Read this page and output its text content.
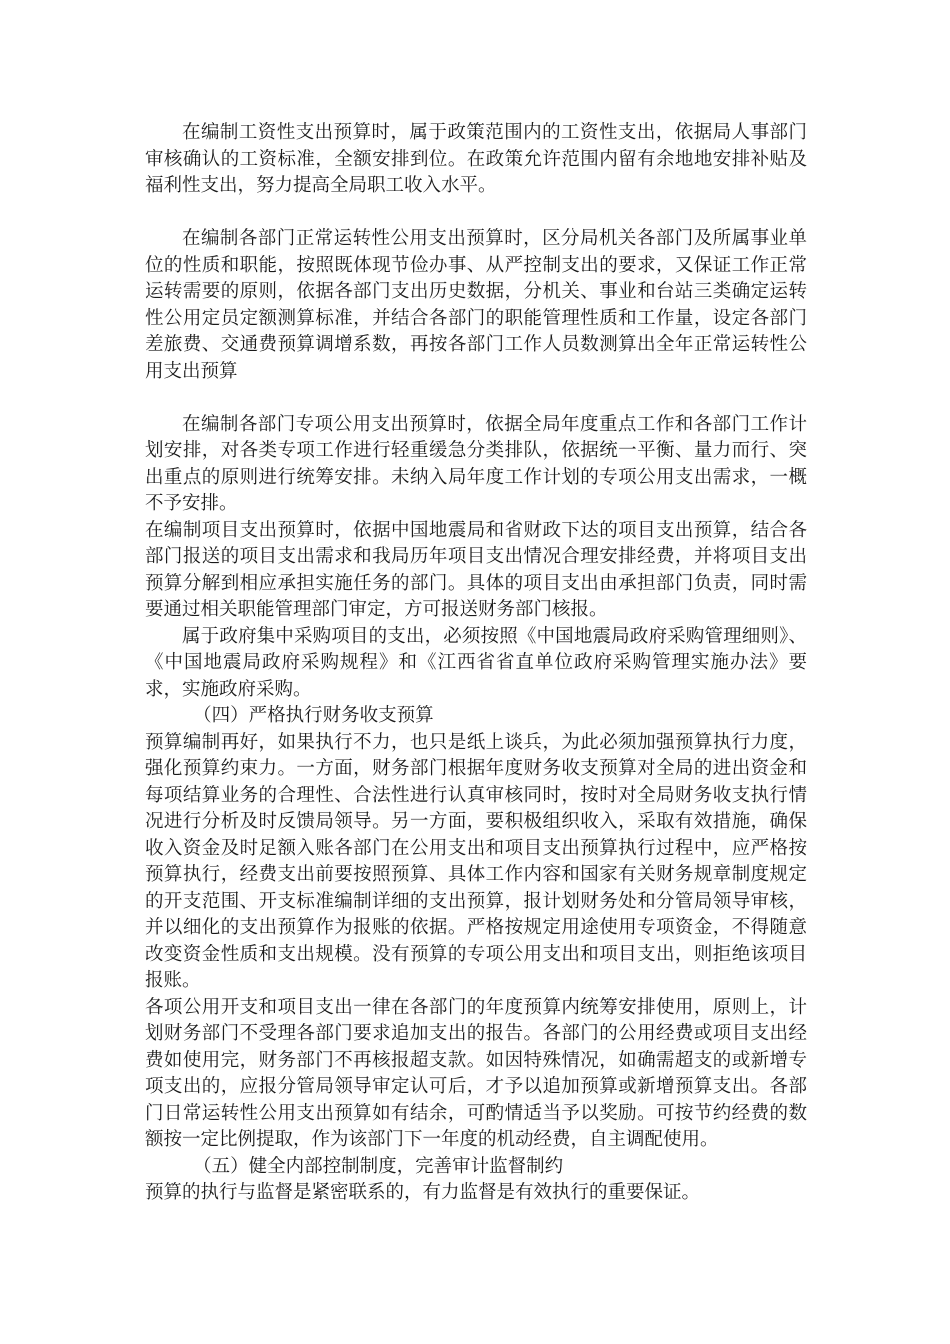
在编制工资性支出预算时，属于政策范围内的工资性支出，依据局人事部门审核确认的工资标准，全额安排到位。在政策允许范围内留有余地地安排补贴及福利性支出，努力提高全局职工收入水平。

在编制各部门正常运转性公用支出预算时，区分局机关各部门及所属事业单位的性质和职能，按照既体现节俭办事、从严控制支出的要求，又保证工作正常运转需要的原则，依据各部门支出历史数据，分机关、事业和台站三类确定运转性公用定员定额测算标准，并结合各部门的职能管理性质和工作量，设定各部门差旅费、交通费预算调增系数，再按各部门工作人员数测算出全年正常运转性公用支出预算

在编制各部门专项公用支出预算时，依据全局年度重点工作和各部门工作计划安排，对各类专项工作进行轻重缓急分类排队，依据统一平衡、量力而行、突出重点的原则进行统筹安排。未纳入局年度工作计划的专项公用支出需求，一概不予安排。

在编制项目支出预算时，依据中国地震局和省财政下达的项目支出预算，结合各部门报送的项目支出需求和我局历年项目支出情况合理安排经费，并将项目支出预算分解到相应承担实施任务的部门。具体的项目支出由承担部门负责，同时需要通过相关职能管理部门审定，方可报送财务部门核报。

属于政府集中采购项目的支出，必须按照《中国地震局政府采购管理细则》、《中国地震局政府采购规程》和《江西省省直单位政府采购管理实施办法》要求，实施政府采购。

（四）严格执行财务收支预算

预算编制再好，如果执行不力，也只是纸上谈兵，为此必须加强预算执行力度，强化预算约束力。一方面，财务部门根据年度财务收支预算对全局的进出资金和每项结算业务的合理性、合法性进行认真审核同时，按时对全局财务收支执行情况进行分析及时反馈局领导。另一方面，要积极组织收入，采取有效措施，确保收入资金及时足额入账各部门在公用支出和项目支出预算执行过程中，应严格按预算执行，经费支出前要按照预算、具体工作内容和国家有关财务规章制度规定的开支范围、开支标准编制详细的支出预算，报计划财务处和分管局领导审核，并以细化的支出预算作为报账的依据。严格按规定用途使用专项资金，不得随意改变资金性质和支出规模。没有预算的专项公用支出和项目支出，则拒绝该项目报账。

各项公用开支和项目支出一律在各部门的年度预算内统筹安排使用，原则上，计划财务部门不受理各部门要求追加支出的报告。各部门的公用经费或项目支出经费如使用完，财务部门不再核报超支款。如因特殊情况，如确需超支的或新增专项支出的，应报分管局领导审定认可后，才予以追加预算或新增预算支出。各部门日常运转性公用支出预算如有结余，可酌情适当予以奖励。可按节约经费的数额按一定比例提取，作为该部门下一年度的机动经费，自主调配使用。

（五）健全内部控制制度，完善审计监督制约

预算的执行与监督是紧密联系的，有力监督是有效执行的重要保证。
